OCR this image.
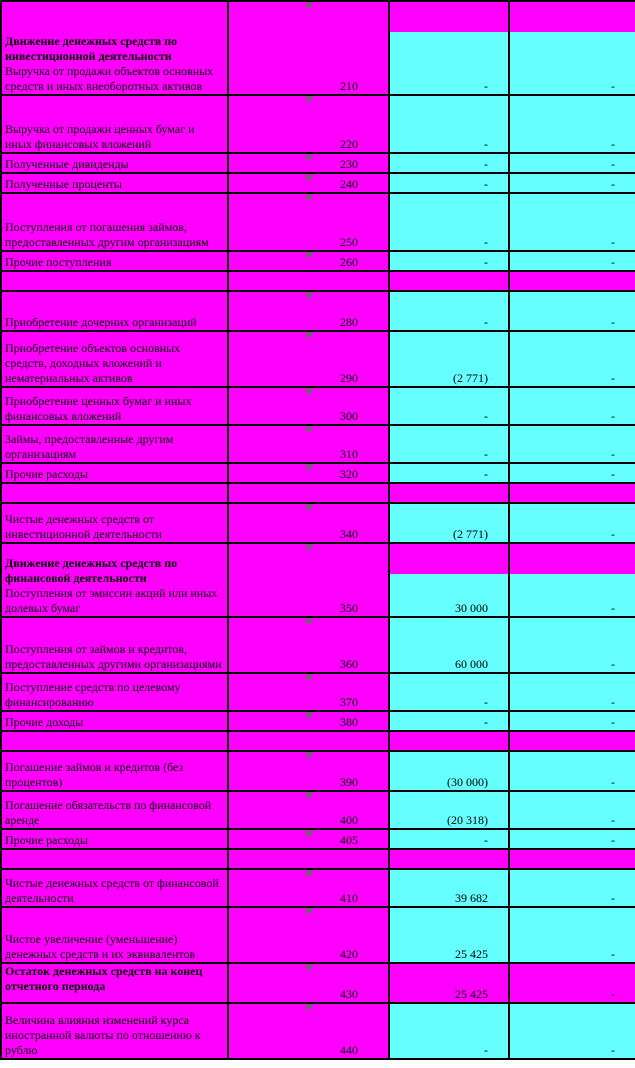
Движение денежных средств по инвестиционной деятельности
Выручка от продажи объектов основных средств и иных внеоборотных активов	210	-	-

Выручка от продажи ценных бумаг и иных финансовых вложений	220	-	-
Полученные дивиденды	230	-	-
Полученные проценты	240	-	-
Поступления от погашения займов, предоставленных другим организациям	250	-	-
Прочие поступления	260	-	-

Приобретение дочерних организаций	280	-	-
Приобретение объектов основных средств, доходных вложений и нематериальных активов	290	(2 771)	-
Приобретение ценных бумаг и иных финансовых вложений	300	-	-
Займы, предоставленные другим организациям	310	-	-
Прочие расходы	320	-	-

Чистые денежных средств от инвестиционной деятельности	340	(2 771)	-

Движение денежных средств по финансовой деятельности
Поступления от эмиссии акций или иных долевых бумаг	350	30 000	-

Поступления от займов и кредитов, предоставленных другими организациями	360	60 000	-
Поступление средств по целевому финансированию	370	-	-
Прочие доходы	380	-	-

Погашение займов и кредитов (без процентов)	390	(30 000)	-
Погашение обязательств по финансовой аренде	400	(20 318)	-
Прочие расходы	405	-	-

Чистые денежных средств от финансовой деятельности	410	39 682	-
Чистое увеличение (уменьшение) денежных средств и их эквивалентов	420	25 425	-
Остаток денежных средств на конец отчетного периода	430	25 425	-
Величина влияния изменений курса иностранной валюты по отношению к рублю	440	-	-
